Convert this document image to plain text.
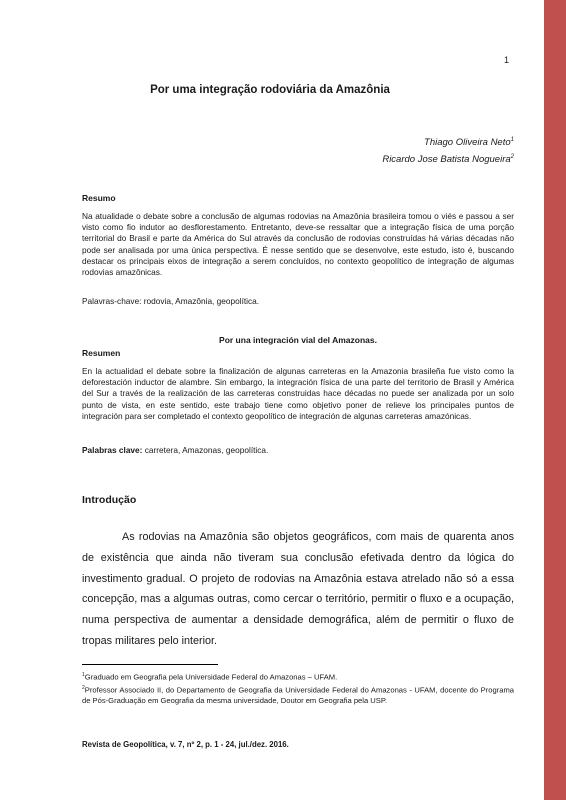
1
Por uma integração rodoviária da Amazônia
Thiago Oliveira Neto$^1$
Ricardo Jose Batista Nogueira$^2$
Resumo
Na atualidade o debate sobre a conclusão de algumas rodovias na Amazônia brasileira tomou o viés e passou a ser visto como fio indutor ao desflorestamento. Entretanto, deve-se ressaltar que a integração física de uma porção territorial do Brasil e parte da América do Sul através da conclusão de rodovias construídas há várias décadas não pode ser analisada por uma única perspectiva. É nesse sentido que se desenvolve, este estudo, isto é, buscando destacar os principais eixos de integração a serem concluídos, no contexto geopolítico de integração de algumas rodovias amazônicas.
Palavras-chave: rodovia, Amazônia, geopolítica.
Por una integración vial del Amazonas.
Resumen
En la actualidad el debate sobre la finalización de algunas carreteras en la Amazonia brasileña fue visto como la deforestación inductor de alambre. Sin embargo, la integración física de una parte del territorio de Brasil y América del Sur a través de la realización de las carreteras construidas hace décadas no puede ser analizada por un solo punto de vista, en este sentido, este trabajo tiene como objetivo poner de relieve los principales puntos de integración para ser completado el contexto geopolítico de integración de algunas carreteras amazónicas.
Palabras clave: carretera, Amazonas, geopolítica.
Introdução
As rodovias na Amazônia são objetos geográficos, com mais de quarenta anos de existência que ainda não tiveram sua conclusão efetivada dentro da lógica do investimento gradual. O projeto de rodovias na Amazônia estava atrelado não só a essa concepção, mas a algumas outras, como cercar o território, permitir o fluxo e a ocupação, numa perspectiva de aumentar a densidade demográfica, além de permitir o fluxo de tropas militares pelo interior.
$^1$Graduado em Geografia pela Universidade Federal do Amazonas – UFAM.
$^2$Professor Associado II, do Departamento de Geografia da Universidade Federal do Amazonas - UFAM, docente do Programa de Pós-Graduação em Geografia da mesma universidade, Doutor em Geografia pela USP.
Revista de Geopolítica, v. 7, nº 2, p. 1 - 24, jul./dez. 2016.
